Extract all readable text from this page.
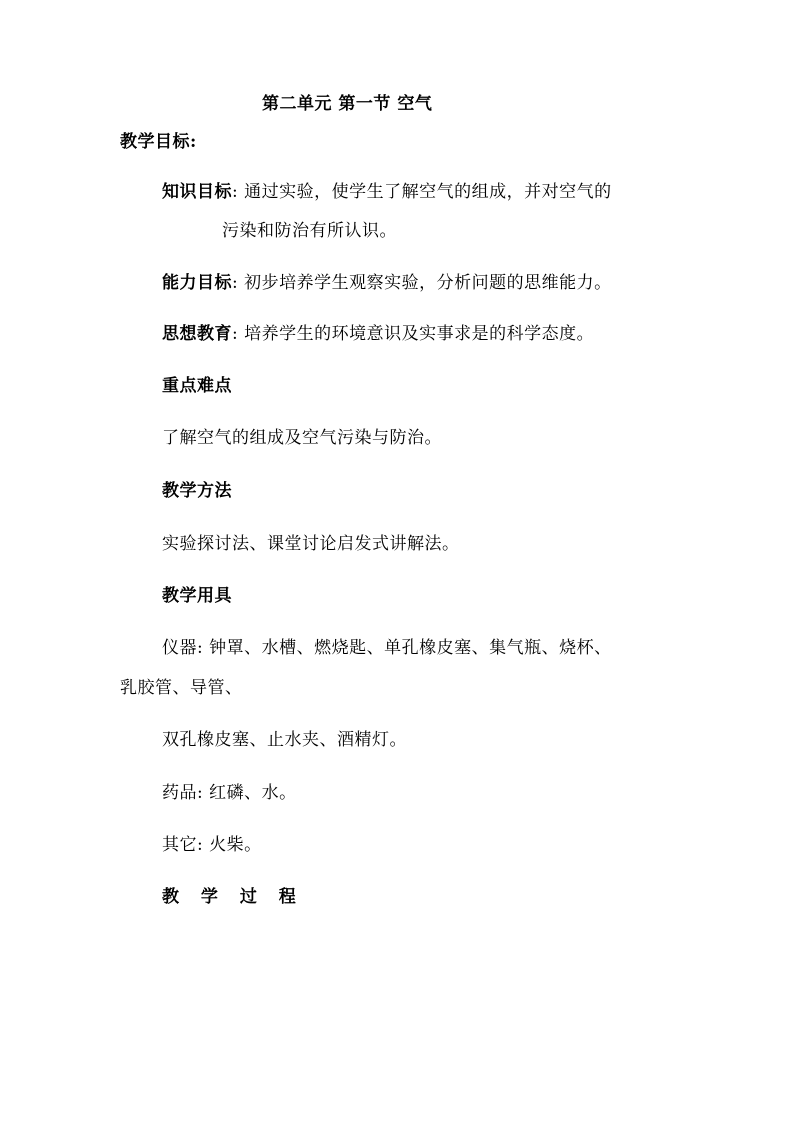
第二单元 第一节 空气
教学目标:
知识目标: 通过实验，使学生了解空气的组成，并对空气的
污染和防治有所认识。
能力目标: 初步培养学生观察实验，分析问题的思维能力。
思想教育: 培养学生的环境意识及实事求是的科学态度。
重点难点
了解空气的组成及空气污染与防治。
教学方法
实验探讨法、课堂讨论启发式讲解法。
教学用具
仪器: 钟罩、水槽、燃烧匙、单孔橡皮塞、集气瓶、烧杯、
乳胶管、导管、
双孔橡皮塞、止水夹、酒精灯。
药品: 红磷、水。
其它: 火柴。
教 学 过 程
